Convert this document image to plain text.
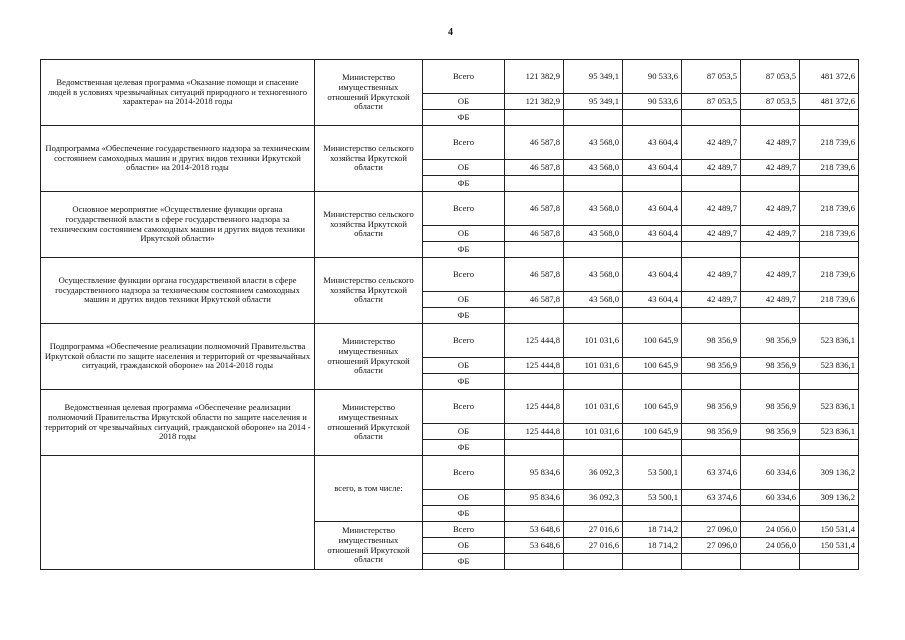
4
Ведомственная целевая программа «Оказание помощи и спасение людей в условиях чрезвычайных ситуаций природного и техногенного характера» на 2014-2018 годы	Министерство имущественных отношений Иркутской области	Всего	121 382,9	95 349,1	90 533,6	87 053,5	87 053,5	481 372,6
		ОБ	121 382,9	95 349,1	90 533,6	87 053,5	87 053,5	481 372,6
		ФБ						
Подпрограмма «Обеспечение государственного надзора за техническим состоянием самоходных машин и других видов техники Иркутской области» на 2014-2018 годы	Министерство сельского хозяйства Иркутской области	Всего	46 587,8	43 568,0	43 604,4	42 489,7	42 489,7	218 739,6
		ОБ	46 587,8	43 568,0	43 604,4	42 489,7	42 489,7	218 739,6
		ФБ						
Основное мероприятие «Осуществление функции органа государственной власти в сфере государственного надзора за техническим состоянием самоходных машин и других видов техники Иркутской области»	Министерство сельского хозяйства Иркутской области	Всего	46 587,8	43 568,0	43 604,4	42 489,7	42 489,7	218 739,6
		ОБ	46 587,8	43 568,0	43 604,4	42 489,7	42 489,7	218 739,6
		ФБ						
Осуществление функции органа государственной власти в сфере государственного надзора за техническим состоянием самоходных машин и других видов техники Иркутской области	Министерство сельского хозяйства Иркутской области	Всего	46 587,8	43 568,0	43 604,4	42 489,7	42 489,7	218 739,6
		ОБ	46 587,8	43 568,0	43 604,4	42 489,7	42 489,7	218 739,6
		ФБ						
Подпрограмма «Обеспечение реализации полномочий Правительства Иркутской области по защите населения и территорий от чрезвычайных ситуаций, гражданской обороне» на 2014-2018 годы	Министерство имущественных отношений Иркутской области	Всего	125 444,8	101 031,6	100 645,9	98 356,9	98 356,9	523 836,1
		ОБ	125 444,8	101 031,6	100 645,9	98 356,9	98 356,9	523 836,1
		ФБ						
Ведомственная целевая программа «Обеспечение реализации полномочий Правительства Иркутской области по защите населения и территорий от чрезвычайных ситуаций, гражданской обороне» на 2014 - 2018 годы	Министерство имущественных отношений Иркутской области	Всего	125 444,8	101 031,6	100 645,9	98 356,9	98 356,9	523 836,1
		ОБ	125 444,8	101 031,6	100 645,9	98 356,9	98 356,9	523 836,1
		ФБ						
	всего, в том числе:	Всего	95 834,6	36 092,3	53 500,1	63 374,6	60 334,6	309 136,2
		ОБ	95 834,6	36 092,3	53 500,1	63 374,6	60 334,6	309 136,2
		ФБ						
	Министерство имущественных отношений Иркутской области	Всего	53 648,6	27 016,6	18 714,2	27 096,0	24 056,0	150 531,4
		ОБ	53 648,6	27 016,6	18 714,2	27 096,0	24 056,0	150 531,4
		ФБ						
